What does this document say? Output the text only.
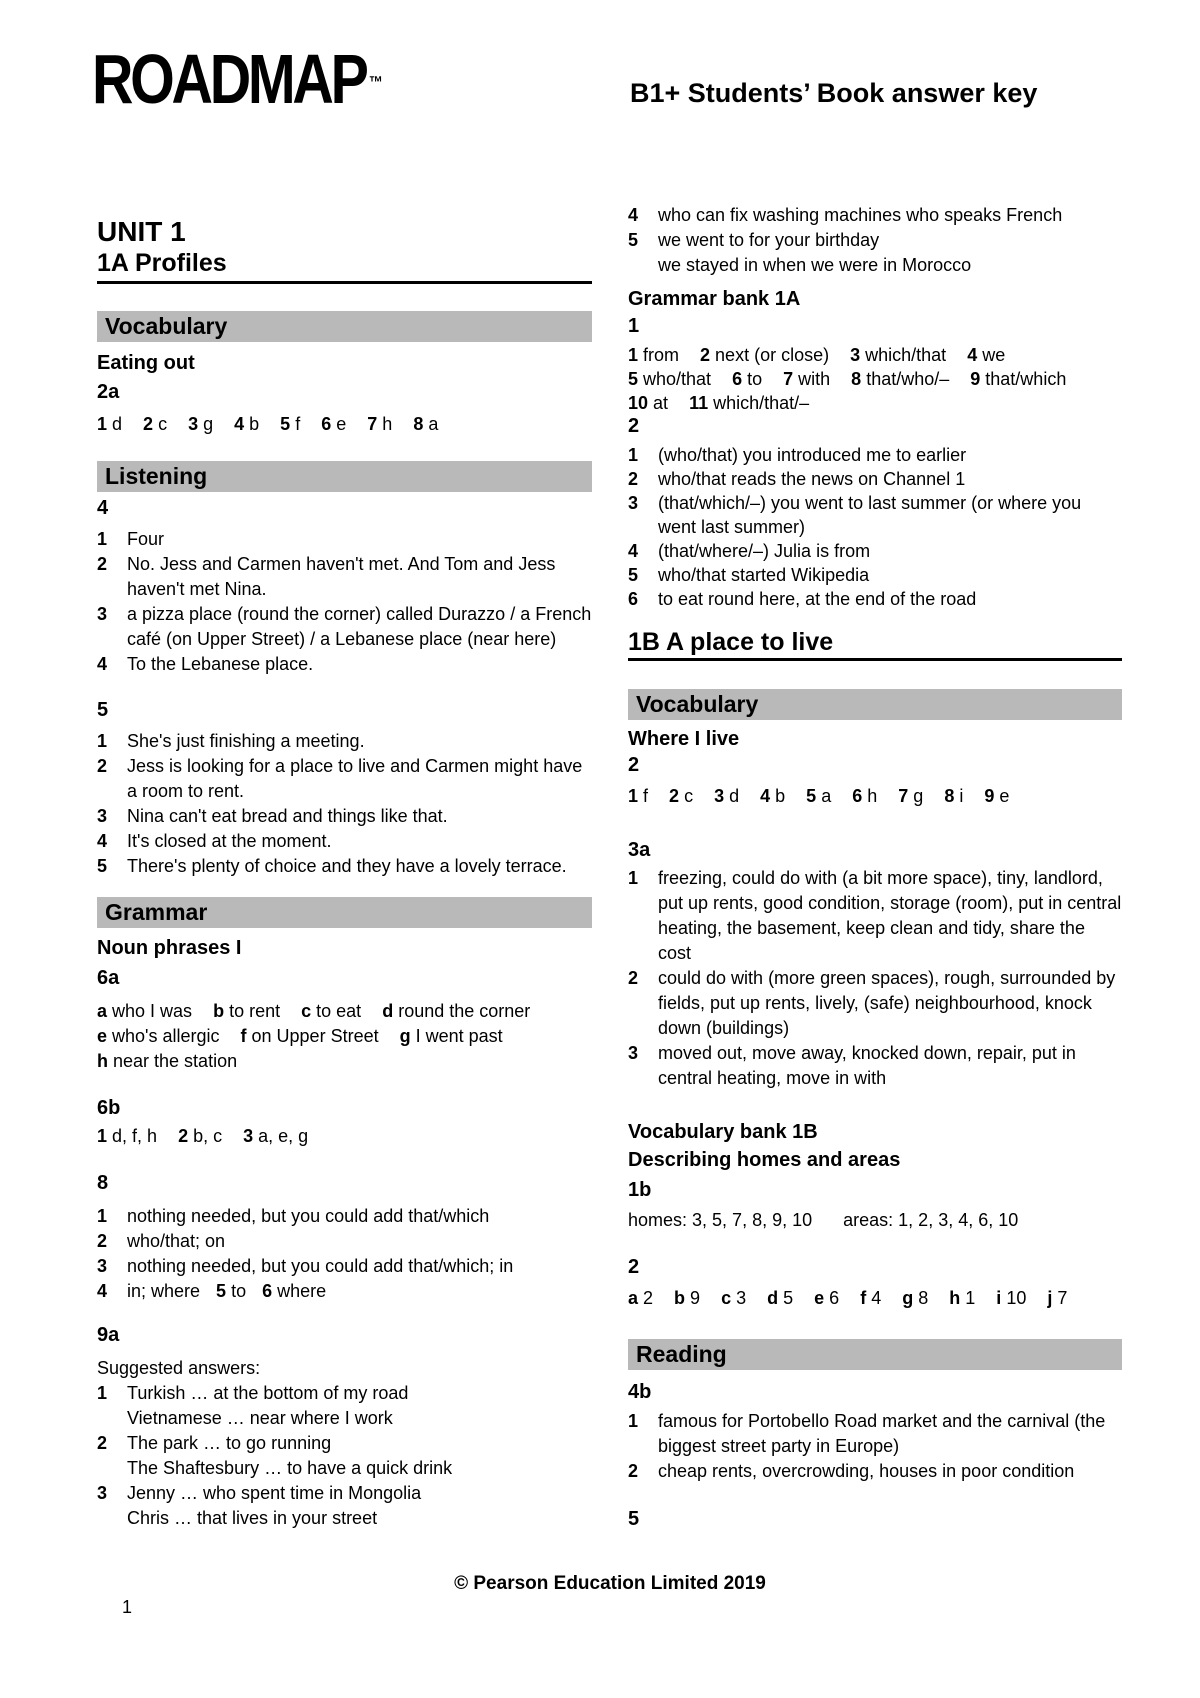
ROADMAP ™	B1+ Students’ Book answer key
UNIT 1
1A Profiles
Vocabulary
Eating out
2a
1 d 2 c 3 g 4 b 5 f 6 e 7 h 8 a
Listening
4
1	Four
2	No. Jess and Carmen haven't met. And Tom and Jess haven't met Nina.
3	a pizza place (round the corner) called Durazzo / a French café (on Upper Street) / a Lebanese place (near here)
4	To the Lebanese place.
5
1	She's just finishing a meeting.
2	Jess is looking for a place to live and Carmen might have a room to rent.
3	Nina can't eat bread and things like that.
4	It's closed at the moment.
5	There's plenty of choice and they have a lovely terrace.
Grammar
Noun phrases I
6a
a who I was b to rent c to eat d round the corner
e who's allergic f on Upper Street g I went past
h near the station
6b
1 d, f, h 2 b, c 3 a, e, g
8
1	nothing needed, but you could add that/which
2	who/that; on
3	nothing needed, but you could add that/which; in
4	in; where 5 to 6 where
9a
Suggested answers:
1	Turkish … at the bottom of my road
Vietnamese … near where I work
2	The park … to go running
The Shaftesbury … to have a quick drink
3	Jenny … who spent time in Mongolia
Chris … that lives in your street
4	who can fix washing machines who speaks French
5	we went to for your birthday
we stayed in when we were in Morocco
Grammar bank 1A
1
1 from 2 next (or close) 3 which/that 4 we
5 who/that 6 to 7 with 8 that/who/– 9 that/which
10 at 11 which/that/–
2
1	(who/that) you introduced me to earlier
2	who/that reads the news on Channel 1
3	(that/which/–) you went to last summer (or where you went last summer)
4	(that/where/–) Julia is from
5	who/that started Wikipedia
6	to eat round here, at the end of the road
1B A place to live
Vocabulary
Where I live
2
1 f 2 c 3 d 4 b 5 a 6 h 7 g 8 i 9 e
3a
1	freezing, could do with (a bit more space), tiny, landlord, put up rents, good condition, storage (room), put in central heating, the basement, keep clean and tidy, share the cost
2	could do with (more green spaces), rough, surrounded by fields, put up rents, lively, (safe) neighbourhood, knock down (buildings)
3	moved out, move away, knocked down, repair, put in central heating, move in with
Vocabulary bank 1B
Describing homes and areas
1b
homes: 3, 5, 7, 8, 9, 10 areas: 1, 2, 3, 4, 6, 10
2
a 2 b 9 c 3 d 5 e 6 f 4 g 8 h 1 i 10 j 7
Reading
4b
1	famous for Portobello Road market and the carnival (the biggest street party in Europe)
2	cheap rents, overcrowding, houses in poor condition
5
© Pearson Education Limited 2019
1
